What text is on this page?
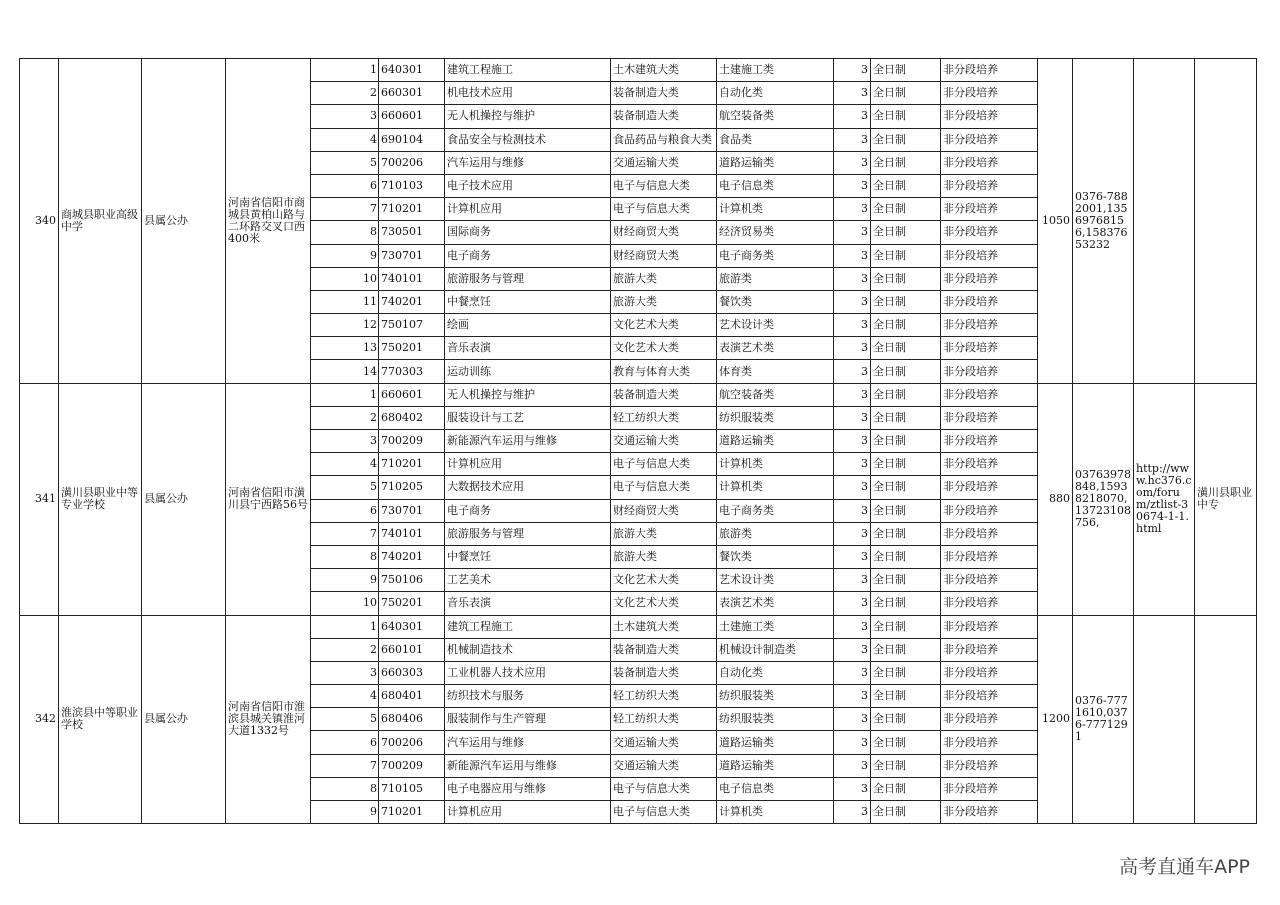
340	商城县职业高级中学	县属公办	河南省信阳市商城县黄柏山路与二环路交叉口西400米	1	640301	建筑工程施工	土木建筑大类	土建施工类	3	全日制	非分段培养	1050	0376-7882001,13569768156,15837653232		
				2	660301	机电技术应用	装备制造大类	自动化类	3	全日制	非分段培养				
				3	660601	无人机操控与维护	装备制造大类	航空装备类	3	全日制	非分段培养				
				4	690104	食品安全与检测技术	食品药品与粮食大类	食品类	3	全日制	非分段培养				
				5	700206	汽车运用与维修	交通运输大类	道路运输类	3	全日制	非分段培养				
				6	710103	电子技术应用	电子与信息大类	电子信息类	3	全日制	非分段培养				
				7	710201	计算机应用	电子与信息大类	计算机类	3	全日制	非分段培养				
				8	730501	国际商务	财经商贸大类	经济贸易类	3	全日制	非分段培养				
				9	730701	电子商务	财经商贸大类	电子商务类	3	全日制	非分段培养				
				10	740101	旅游服务与管理	旅游大类	旅游类	3	全日制	非分段培养				
				11	740201	中餐烹饪	旅游大类	餐饮类	3	全日制	非分段培养				
				12	750107	绘画	文化艺术大类	艺术设计类	3	全日制	非分段培养				
				13	750201	音乐表演	文化艺术大类	表演艺术类	3	全日制	非分段培养				
				14	770303	运动训练	教育与体育大类	体育类	3	全日制	非分段培养				
341	潢川县职业中等专业学校	县属公办	河南省信阳市潢川县宁西路56号	1	660601	无人机操控与维护	装备制造大类	航空装备类	3	全日制	非分段培养	880	03763978848,15938218070,13723108756,	http://www.hc376.com/forum/ztlist-30674-1-1.html	潢川县职业中专
				2	680402	服装设计与工艺	轻工纺织大类	纺织服装类	3	全日制	非分段培养				
				3	700209	新能源汽车运用与维修	交通运输大类	道路运输类	3	全日制	非分段培养				
				4	710201	计算机应用	电子与信息大类	计算机类	3	全日制	非分段培养				
				5	710205	大数据技术应用	电子与信息大类	计算机类	3	全日制	非分段培养				
				6	730701	电子商务	财经商贸大类	电子商务类	3	全日制	非分段培养				
				7	740101	旅游服务与管理	旅游大类	旅游类	3	全日制	非分段培养				
				8	740201	中餐烹饪	旅游大类	餐饮类	3	全日制	非分段培养				
				9	750106	工艺美术	文化艺术大类	艺术设计类	3	全日制	非分段培养				
				10	750201	音乐表演	文化艺术大类	表演艺术类	3	全日制	非分段培养				
342	淮滨县中等职业学校	县属公办	河南省信阳市淮滨县城关镇淮河大道1332号	1	640301	建筑工程施工	土木建筑大类	土建施工类	3	全日制	非分段培养	1200	0376-7771610,0376-7771291		
				2	660101	机械制造技术	装备制造大类	机械设计制造类	3	全日制	非分段培养				
				3	660303	工业机器人技术应用	装备制造大类	自动化类	3	全日制	非分段培养				
				4	680401	纺织技术与服务	轻工纺织大类	纺织服装类	3	全日制	非分段培养				
				5	680406	服装制作与生产管理	轻工纺织大类	纺织服装类	3	全日制	非分段培养				
				6	700206	汽车运用与维修	交通运输大类	道路运输类	3	全日制	非分段培养				
				7	700209	新能源汽车运用与维修	交通运输大类	道路运输类	3	全日制	非分段培养				
				8	710105	电子电器应用与维修	电子与信息大类	电子信息类	3	全日制	非分段培养				
				9	710201	计算机应用	电子与信息大类	计算机类	3	全日制	非分段培养				
高考直通车APP
